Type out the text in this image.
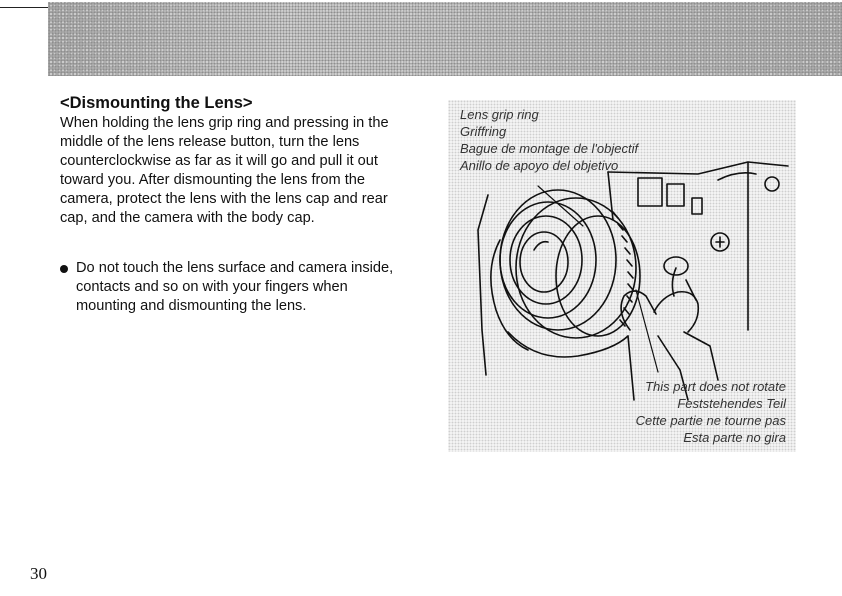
<Dismounting the Lens>

When holding the lens grip ring and pressing in the middle of the lens release button, turn the lens counterclockwise as far as it will go and pull it out toward you. After dismounting the lens from the camera, protect the lens with the lens cap and rear cap, and the camera with the body cap.

Do not touch the lens surface and camera inside, contacts and so on with your fingers when mounting and dismounting the lens.

Lens grip ring
Griffring
Bague de montage de l'objectif
Anillo de apoyo del objetivo
This part does not rotate
Feststehendes Teil
Cette partie ne tourne pas
Esta parte no gira
30
